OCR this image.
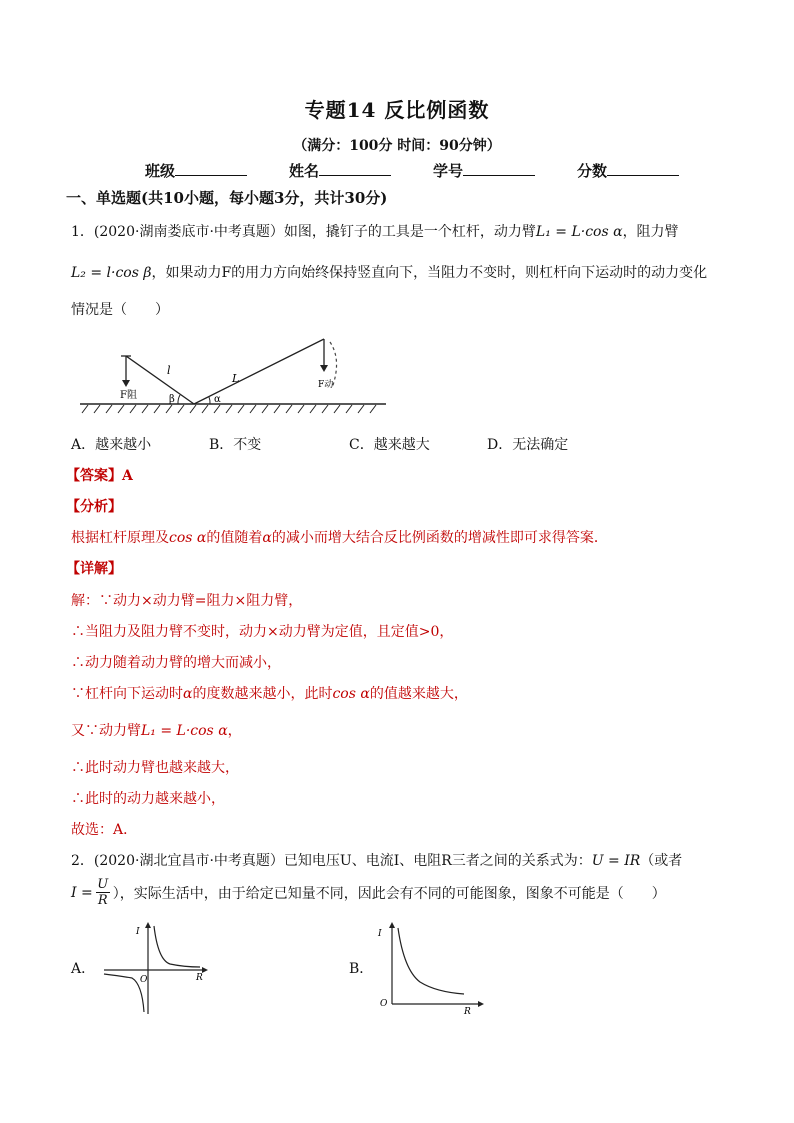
专题14 反比例函数
（满分：100分 时间：90分钟）
班级	姓名	学号	分数
一、单选题(共10小题，每小题3分，共计30分)
1．(2020·湖南娄底市·中考真题）如图，撬钉子的工具是一个杠杆，动力臂L₁ = L·cos α，阻力臂
L₂ = l·cos β，如果动力F的用力方向始终保持竖直向下，当阻力不变时，则杠杆向下运动时的动力变化
情况是（　　）
F阻
F动
l
L
β	α
A．越来越小	B．不变	C．越来越大	D．无法确定
【答案】A
【分析】
根据杠杆原理及cos α的值随着α的减小而增大结合反比例函数的增减性即可求得答案．
【详解】
解：∵动力×动力臂=阻力×阻力臂，
∴当阻力及阻力臂不变时，动力×动力臂为定值，且定值>0，
∴动力随着动力臂的增大而减小，
∵杠杆向下运动时α的度数越来越小，此时cos α的值越来越大，
又∵动力臂L₁ = L·cos α，
∴此时动力臂也越来越大，
∴此时的动力越来越小，
故选：A．
2．(2020·湖北宜昌市·中考真题）已知电压U、电流I、电阻R三者之间的关系式为：U = IR（或者
I = U
R ），实际生活中，由于给定已知量不同，因此会有不同的可能图象，图象不可能是（　　）
A．
I
O	R
B．
I
O
R
